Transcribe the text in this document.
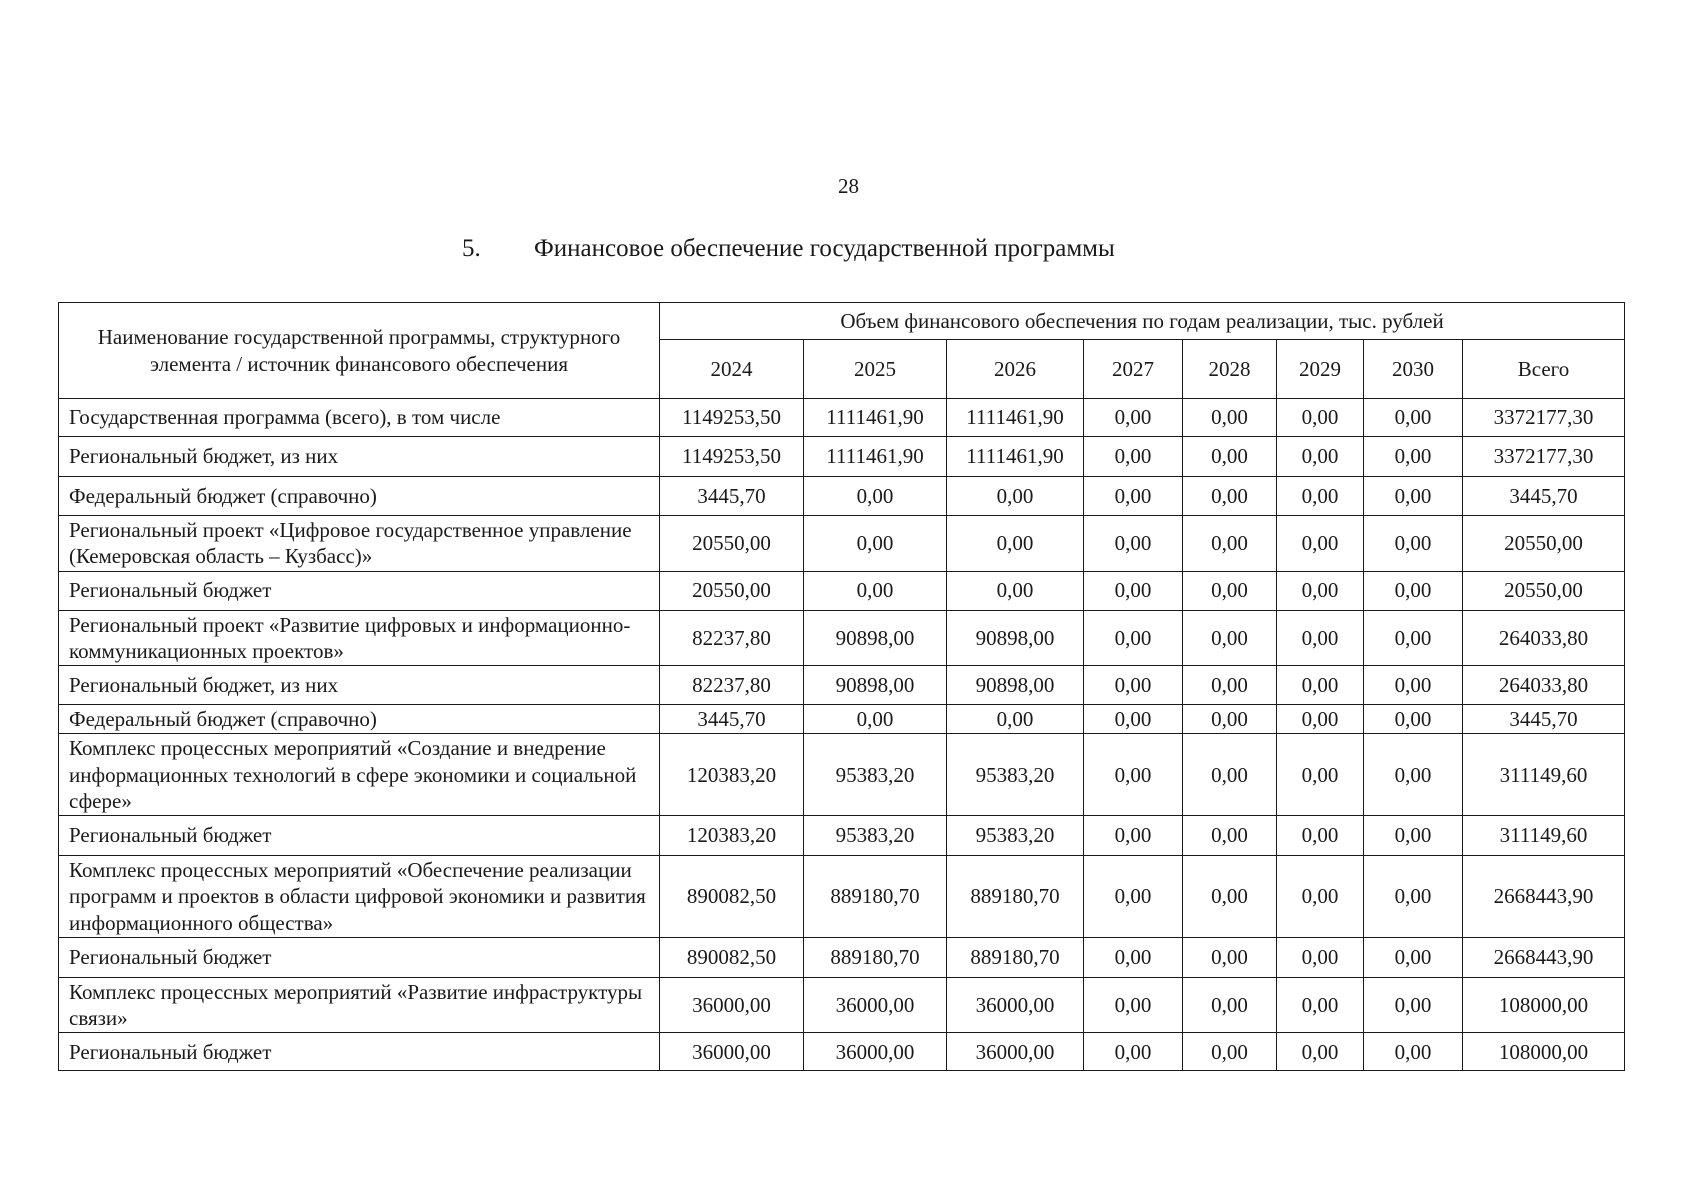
28
5. Финансовое обеспечение государственной программы
Наименование государственной программы, структурного элемента / источник финансового обеспечения	Объем финансового обеспечения по годам реализации, тыс. рублей							
	2024	2025	2026	2027	2028	2029	2030	Всего
Государственная программа (всего), в том числе	1149253,50	1111461,90	1111461,90	0,00	0,00	0,00	0,00	3372177,30
Региональный бюджет, из них	1149253,50	1111461,90	1111461,90	0,00	0,00	0,00	0,00	3372177,30
Федеральный бюджет (справочно)	3445,70	0,00	0,00	0,00	0,00	0,00	0,00	3445,70
Региональный проект «Цифровое государственное управление (Кемеровская область – Кузбасс)»	20550,00	0,00	0,00	0,00	0,00	0,00	0,00	20550,00
Региональный бюджет	20550,00	0,00	0,00	0,00	0,00	0,00	0,00	20550,00
Региональный проект «Развитие цифровых и информационно-коммуникационных проектов»	82237,80	90898,00	90898,00	0,00	0,00	0,00	0,00	264033,80
Региональный бюджет, из них	82237,80	90898,00	90898,00	0,00	0,00	0,00	0,00	264033,80
Федеральный бюджет (справочно)	3445,70	0,00	0,00	0,00	0,00	0,00	0,00	3445,70
Комплекс процессных мероприятий «Создание и внедрение информационных технологий в сфере экономики и социальной сфере»	120383,20	95383,20	95383,20	0,00	0,00	0,00	0,00	311149,60
Региональный бюджет	120383,20	95383,20	95383,20	0,00	0,00	0,00	0,00	311149,60
Комплекс процессных мероприятий «Обеспечение реализации программ и проектов в области цифровой экономики и развития информационного общества»	890082,50	889180,70	889180,70	0,00	0,00	0,00	0,00	2668443,90
Региональный бюджет	890082,50	889180,70	889180,70	0,00	0,00	0,00	0,00	2668443,90
Комплекс процессных мероприятий «Развитие инфраструктуры связи»	36000,00	36000,00	36000,00	0,00	0,00	0,00	0,00	108000,00
Региональный бюджет	36000,00	36000,00	36000,00	0,00	0,00	0,00	0,00	108000,00
